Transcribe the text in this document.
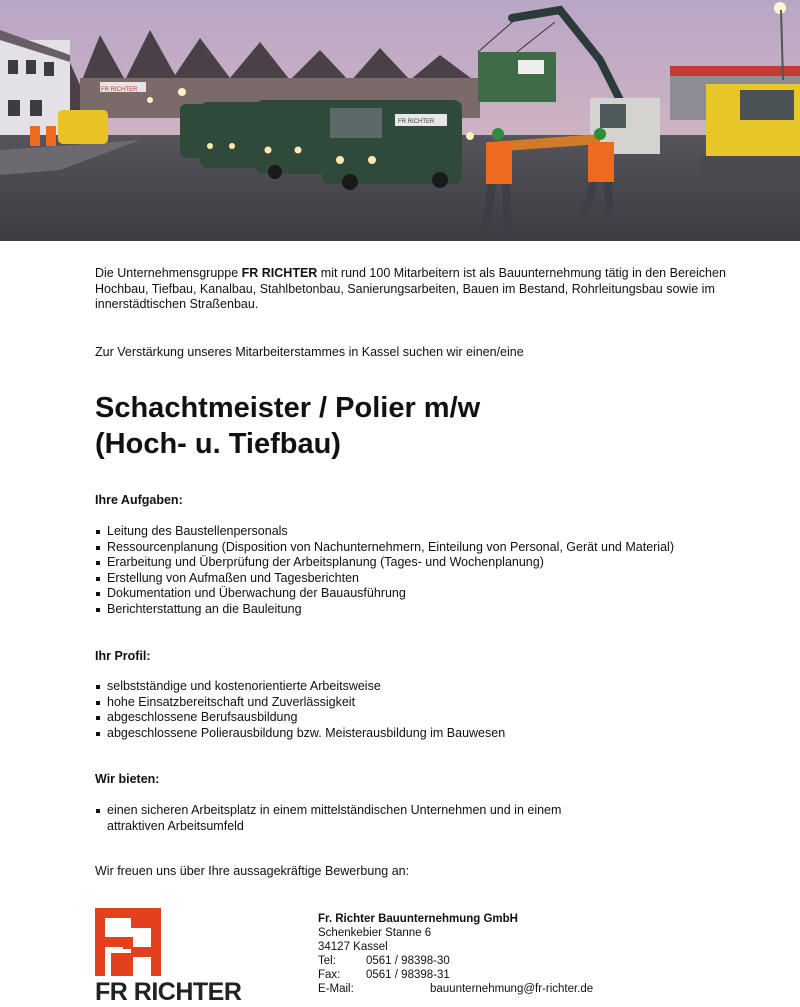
FR RICHTER
FR RICHTER

Die Unternehmensgruppe FR RICHTER mit rund 100 Mitarbeitern ist als Bauunternehmung tätig in den Bereichen Hochbau, Tiefbau, Kanalbau, Stahlbetonbau, Sanierungsarbeiten, Bauen im Bestand, Rohrleitungsbau sowie im innerstädtischen Straßenbau.

Zur Verstärkung unseres Mitarbeiterstammes in Kassel suchen wir einen/eine

Schachtmeister / Polier m/w
(Hoch- u. Tiefbau)

Ihre Aufgaben:

Leitung des Baustellenpersonals
Ressourcenplanung (Disposition von Nachunternehmern, Einteilung von Personal, Gerät und Material)
Erarbeitung und Überprüfung der Arbeitsplanung (Tages- und Wochenplanung)
Erstellung von Aufmaßen und Tagesberichten
Dokumentation und Überwachung der Bauausführung
Berichterstattung an die Bauleitung

Ihr Profil:

selbstständige und kostenorientierte Arbeitsweise
hohe Einsatzbereitschaft und Zuverlässigkeit
abgeschlossene Berufsausbildung
abgeschlossene Polierausbildung bzw. Meisterausbildung im Bauwesen

Wir bieten:

einen sicheren Arbeitsplatz in einem mittelständischen Unternehmen und in einem
attraktiven Arbeitsumfeld

Wir freuen uns über Ihre aussagekräftige Bewerbung an:

FR RICHTER
Fr. Richter Bauunternehmung GmbH
Schenkebier Stanne 6
34127 Kassel
Tel:	0561 / 98398-30
Fax:	0561 / 98398-31
E-Mail:	bauunternehmung@fr-richter.de
